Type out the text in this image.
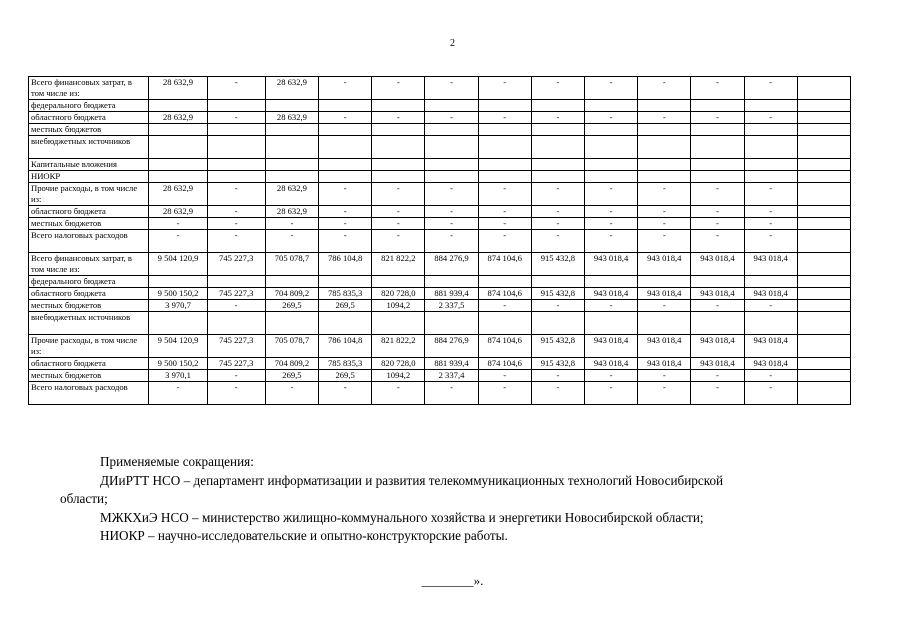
2
Всего финансовых затрат, в том числе из:	28 632,9	-	28 632,9	-	-	-	-	-	-	-	-	-	
федерального бюджета													
областного бюджета	28 632,9	-	28 632,9	-	-	-	-	-	-	-	-	-	
местных бюджетов													
внебюджетных источников													
Капитальные вложения													
НИОКР													
Прочие расходы, в том числе из:	28 632,9	-	28 632,9	-	-	-	-	-	-	-	-	-	
областного бюджета	28 632,9	-	28 632,9	-	-	-	-	-	-	-	-	-	
местных бюджетов	-	-	-	-	-	-	-	-	-	-	-	-	
Всего налоговых расходов	-	-	-	-	-	-	-	-	-	-	-	-	
Всего финансовых затрат, в том числе из:	9 504 120,9	745 227,3	705 078,7	786 104,8	821 822,2	884 276,9	874 104,6	915 432,8	943 018,4	943 018,4	943 018,4	943 018,4	
федерального бюджета													
областного бюджета	9 500 150,2	745 227,3	704 809,2	785 835,3	820 728,0	881 939,4	874 104,6	915 432,8	943 018,4	943 018,4	943 018,4	943 018,4	
местных бюджетов	3 970,7	-	269,5	269,5	1094,2	2 337,5	-	-	-	-	-	-	
внебюджетных источников													
Прочие расходы, в том числе из:	9 504 120,9	745 227,3	705 078,7	786 104,8	821 822,2	884 276,9	874 104,6	915 432,8	943 018,4	943 018,4	943 018,4	943 018,4	
областного бюджета	9 500 150,2	745 227,3	704 809,2	785 835,3	820 728,0	881 939,4	874 104,6	915 432,8	943 018,4	943 018,4	943 018,4	943 018,4	
местных бюджетов	3 970,1	-	269,5	269,5	1094,2	2 337,4	-	-	-	-	-	-	
Всего налоговых расходов	-	-	-	-	-	-	-	-	-	-	-	-	

Применяемые сокращения:

ДИиРТТ НСО – департамент информатизации и развития телекоммуникационных технологий Новосибирской

области;

МЖКХиЭ НСО – министерство жилищно-коммунального хозяйства и энергетики Новосибирской области;

НИОКР – научно-исследовательские и опытно-конструкторские работы.

________».
